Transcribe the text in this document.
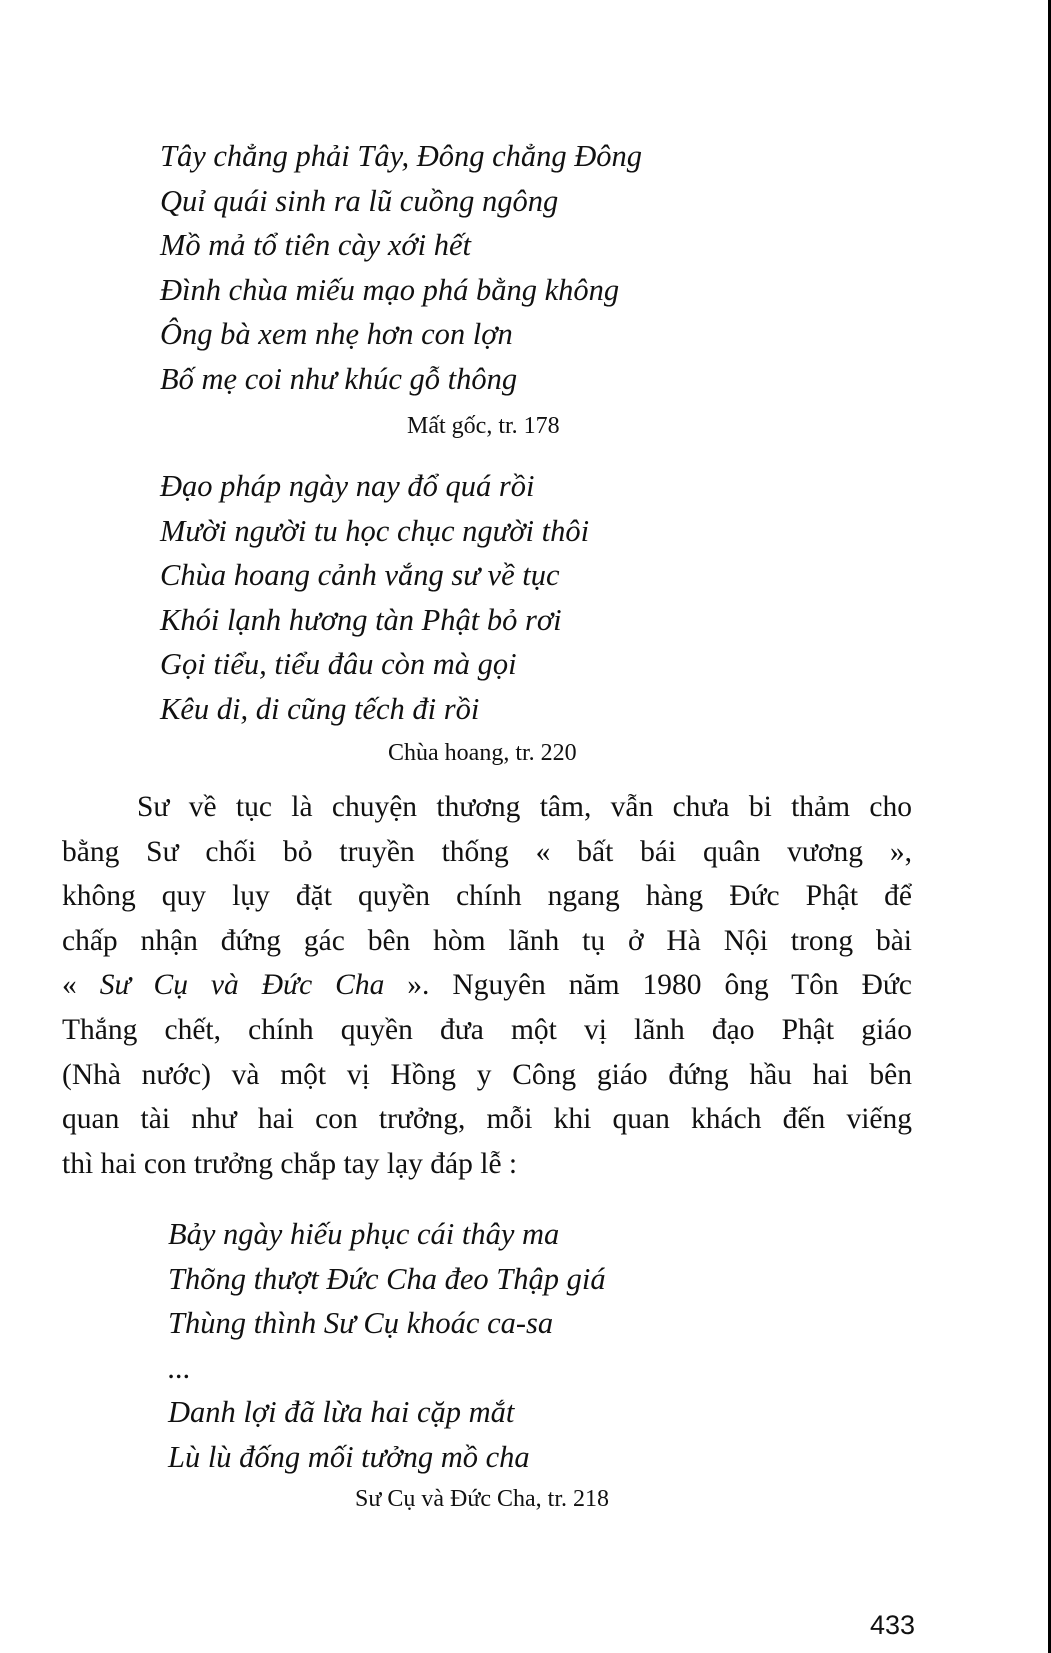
Tây chẳng phải Tây, Đông chẳng Đông
Quỉ quái sinh ra lũ cuồng ngông
Mồ mả tổ tiên cày xới hết
Đình chùa miếu mạo phá bằng không
Ông bà xem nhẹ hơn con lợn
Bố mẹ coi như khúc gỗ thông
Mất gốc, tr. 178
Đạo pháp ngày nay đổ quá rồi
Mười người tu học chục người thôi
Chùa hoang cảnh vắng sư về tục
Khói lạnh hương tàn Phật bỏ rơi
Gọi tiểu, tiểu đâu còn mà gọi
Kêu di, di cũng tếch đi rồi
Chùa hoang, tr. 220
Sư về tục là chuyện thương tâm, vẫn chưa bi thảm cho
bằng Sư chối bỏ truyền thống « bất bái quân vương »,
không quy lụy đặt quyền chính ngang hàng Đức Phật để
chấp nhận đứng gác bên hòm lãnh tụ ở Hà Nội trong bài
« Sư Cụ và Đức Cha ». Nguyên năm 1980 ông Tôn Đức
Thắng chết, chính quyền đưa một vị lãnh đạo Phật giáo
(Nhà nước) và một vị Hồng y Công giáo đứng hầu hai bên
quan tài như hai con trưởng, mỗi khi quan khách đến viếng
thì hai con trưởng chắp tay lạy đáp lễ :
Bảy ngày hiếu phục cái thây ma
Thõng thượt Đức Cha đeo Thập giá
Thùng thình Sư Cụ khoác ca-sa
...
Danh lợi đã lừa hai cặp mắt
Lù lù đống mối tưởng mồ cha
Sư Cụ và Đức Cha, tr. 218
433
